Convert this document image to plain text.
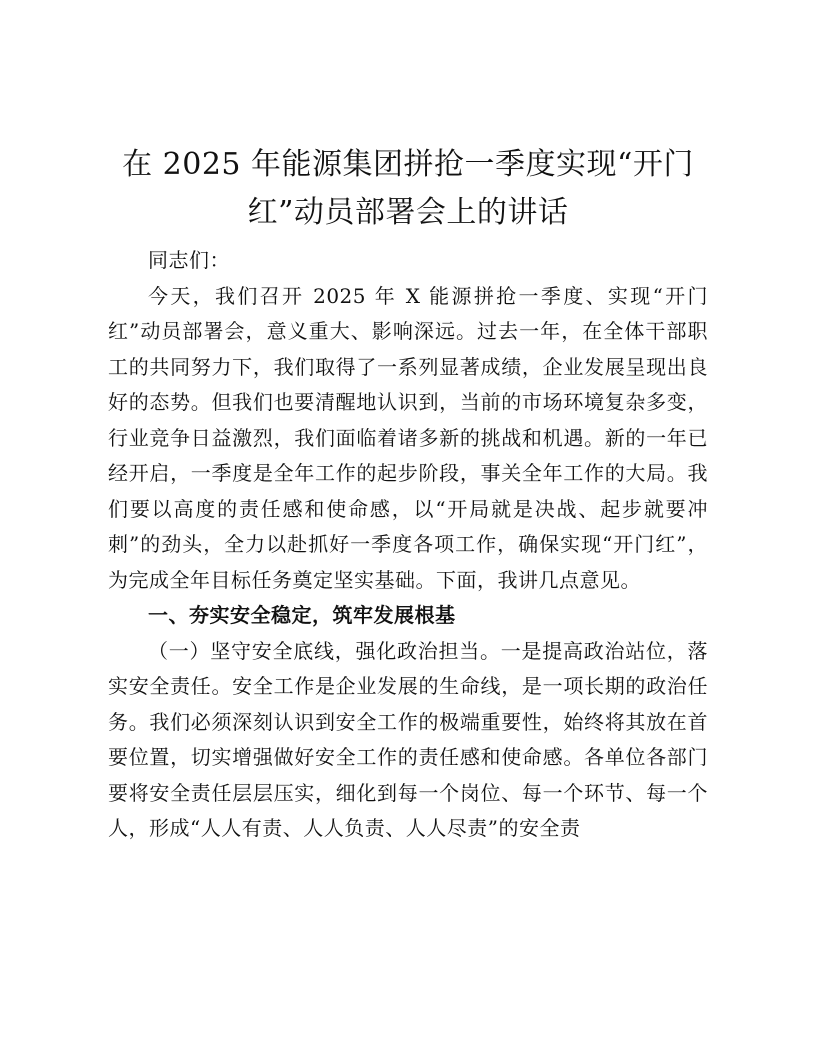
在 2025 年能源集团拼抢一季度实现“开门红”动员部署会上的讲话

同志们：

今天，我们召开 2025 年 X 能源拼抢一季度、实现“开门红”动员部署会，意义重大、影响深远。过去一年，在全体干部职工的共同努力下，我们取得了一系列显著成绩，企业发展呈现出良好的态势。但我们也要清醒地认识到，当前的市场环境复杂多变，行业竞争日益激烈，我们面临着诸多新的挑战和机遇。新的一年已经开启，一季度是全年工作的起步阶段，事关全年工作的大局。我们要以高度的责任感和使命感，以“开局就是决战、起步就要冲刺”的劲头，全力以赴抓好一季度各项工作，确保实现“开门红”，为完成全年目标任务奠定坚实基础。下面，我讲几点意见。

一、夯实安全稳定，筑牢发展根基

（一）坚守安全底线，强化政治担当。一是提高政治站位，落实安全责任。安全工作是企业发展的生命线，是一项长期的政治任务。我们必须深刻认识到安全工作的极端重要性，始终将其放在首要位置，切实增强做好安全工作的责任感和使命感。各单位各部门要将安全责任层层压实，细化到每一个岗位、每一个环节、每一个人，形成“人人有责、人人负责、人人尽责”的安全责
